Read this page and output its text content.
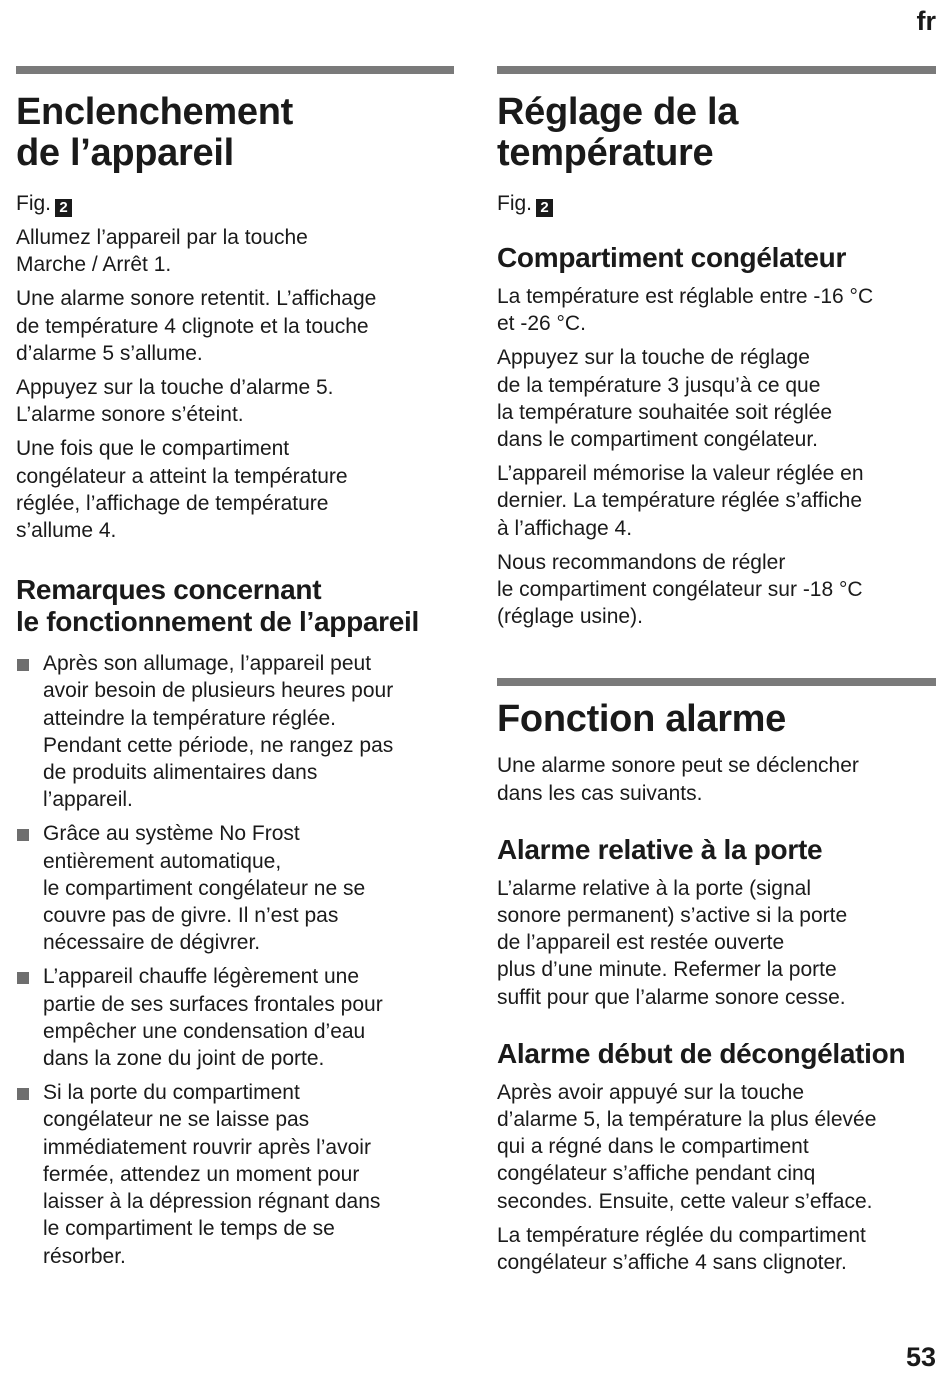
fr
Enclenchement
de l’appareil
Fig. 2

Allumez l’appareil par la touche
Marche / Arrêt 1.

Une alarme sonore retentit. L’affichage
de température 4 clignote et la touche
d’alarme 5 s’allume.

Appuyez sur la touche d’alarme 5.
L’alarme sonore s’éteint.

Une fois que le compartiment
congélateur a atteint la température
réglée, l’affichage de température
s’allume 4.

Remarques concernant
le fonctionnement de l’appareil
Après son allumage, l’appareil peut
avoir besoin de plusieurs heures pour
atteindre la température réglée.
Pendant cette période, ne rangez pas
de produits alimentaires dans
l’appareil.
Grâce au système No Frost
entièrement automatique,
le compartiment congélateur ne se
couvre pas de givre. Il n’est pas
nécessaire de dégivrer.
L’appareil chauffe légèrement une
partie de ses surfaces frontales pour
empêcher une condensation d’eau
dans la zone du joint de porte.
Si la porte du compartiment
congélateur ne se laisse pas
immédiatement rouvrir après l’avoir
fermée, attendez un moment pour
laisser à la dépression régnant dans
le compartiment le temps de se
résorber.
Réglage de la
température
Fig. 2
Compartiment congélateur

La température est réglable entre -16 °C
et -26 °C.

Appuyez sur la touche de réglage
de la température 3 jusqu’à ce que
la température souhaitée soit réglée
dans le compartiment congélateur.

L’appareil mémorise la valeur réglée en
dernier. La température réglée s’affiche
à l’affichage 4.

Nous recommandons de régler
le compartiment congélateur sur -18 °C
(réglage usine).

Fonction alarme

Une alarme sonore peut se déclencher
dans les cas suivants.

Alarme relative à la porte

L’alarme relative à la porte (signal
sonore permanent) s’active si la porte
de l’appareil est restée ouverte
plus d’une minute. Refermer la porte
suffit pour que l’alarme sonore cesse.

Alarme début de décongélation

Après avoir appuyé sur la touche
d’alarme 5, la température la plus élevée
qui a régné dans le compartiment
congélateur s’affiche pendant cinq
secondes. Ensuite, cette valeur s’efface.

La température réglée du compartiment
congélateur s’affiche 4 sans clignoter.

53
